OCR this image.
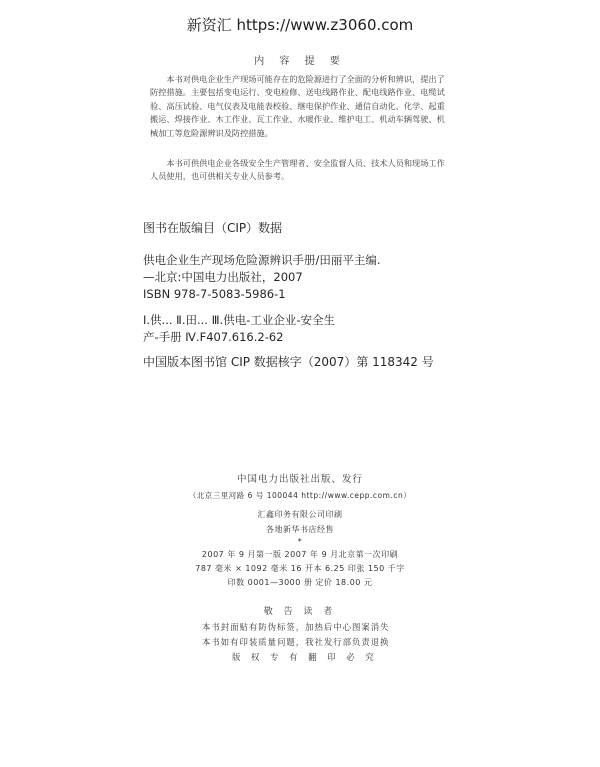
新资汇 https://www.z3060.com
内 容 提 要
本书对供电企业生产现场可能存在的危险源进行了全面的分析和辨识，提出了防控措施。主要包括变电运行、变电检修、送电线路作业、配电线路作业、电缆试验、高压试验、电气仪表及电能表校验、继电保护作业、通信自动化、化学、起重搬运、焊接作业、木工作业、瓦工作业、水暖作业、维护电工、机动车辆驾驶、机械加工等危险源辨识及防控措施。
本书可供供电企业各级安全生产管理者、安全监督人员、技术人员和现场工作人员使用，也可供相关专业人员参考。
图书在版编目（CIP）数据
供电企业生产现场危险源辨识手册/田丽平主编.
—北京:中国电力出版社，2007
ISBN 978-7-5083-5986-1
Ⅰ.供... Ⅱ.田... Ⅲ.供电-工业企业-安全生
产-手册 Ⅳ.F407.616.2-62
中国版本图书馆 CIP 数据核字（2007）第 118342 号
中国电力出版社出版、发行
（北京三里河路 6 号 100044 http://www.cepp.com.cn）
汇鑫印务有限公司印刷
各地新华书店经售
*
2007 年 9 月第一版 2007 年 9 月北京第一次印刷
787 毫米 × 1092 毫米 16 开本 6.25 印张 150 千字
印数 0001—3000 册 定价 18.00 元
敬 告 读 者
本书封面贴有防伪标签，加热后中心图案消失
本书如有印装质量问题，我社发行部负责退换
版 权 专 有 翻 印 必 究
